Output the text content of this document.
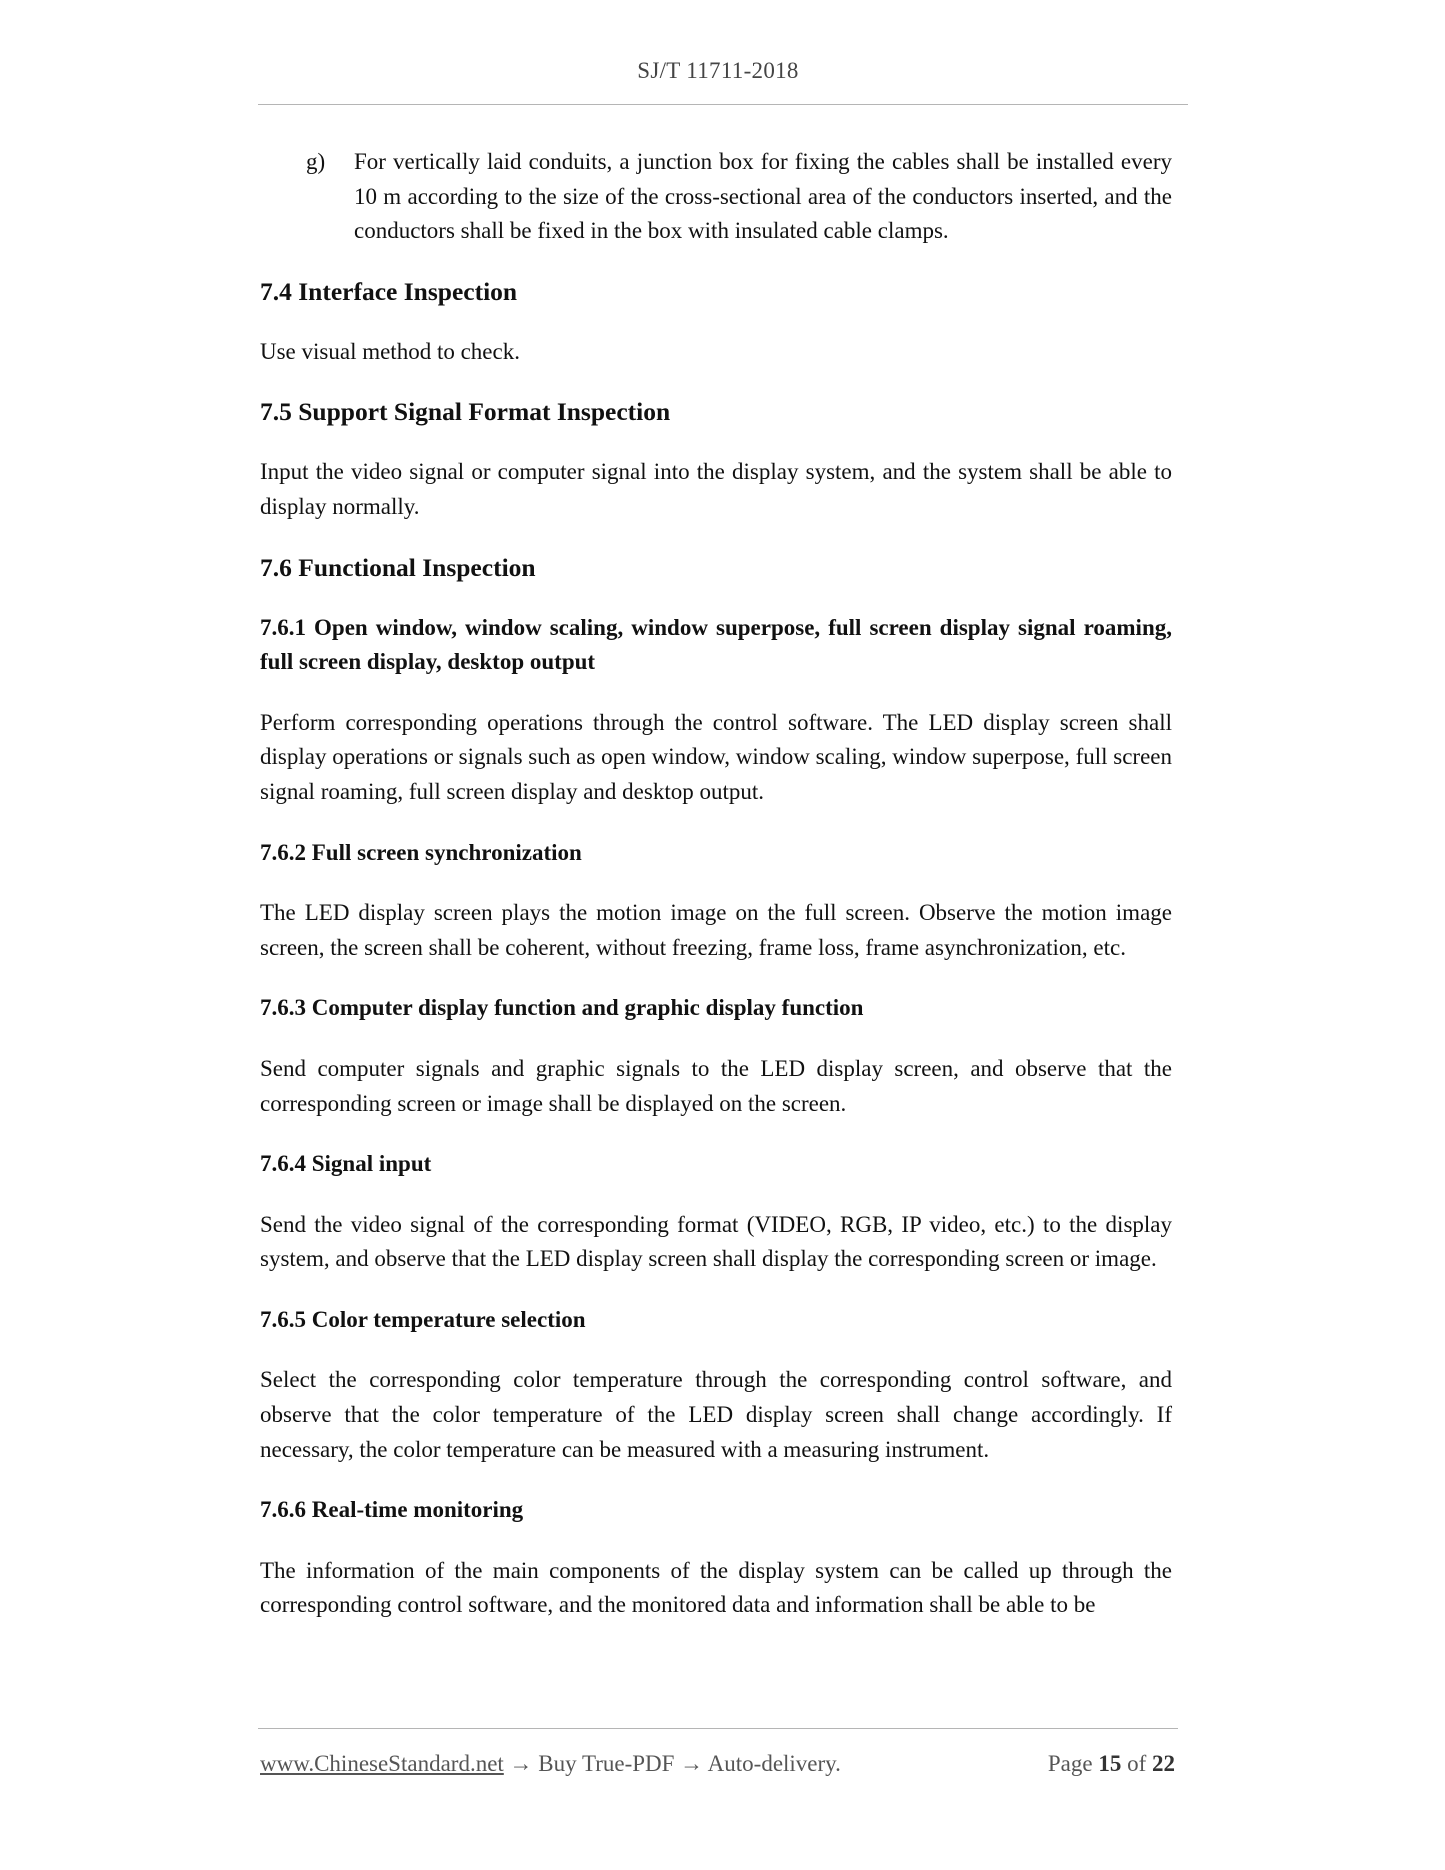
SJ/T 11711-2018
g)	For vertically laid conduits, a junction box for fixing the cables shall be installed every 10 m according to the size of the cross-sectional area of the conductors inserted, and the conductors shall be fixed in the box with insulated cable clamps.
7.4 Interface Inspection

Use visual method to check.

7.5 Support Signal Format Inspection

Input the video signal or computer signal into the display system, and the system shall be able to display normally.

7.6 Functional Inspection
7.6.1 Open window, window scaling, window superpose, full screen display signal roaming, full screen display, desktop output

Perform corresponding operations through the control software. The LED display screen shall display operations or signals such as open window, window scaling, window superpose, full screen signal roaming, full screen display and desktop output.

7.6.2 Full screen synchronization

The LED display screen plays the motion image on the full screen. Observe the motion image screen, the screen shall be coherent, without freezing, frame loss, frame asynchronization, etc.

7.6.3 Computer display function and graphic display function

Send computer signals and graphic signals to the LED display screen, and observe that the corresponding screen or image shall be displayed on the screen.

7.6.4 Signal input

Send the video signal of the corresponding format (VIDEO, RGB, IP video, etc.) to the display system, and observe that the LED display screen shall display the corresponding screen or image.

7.6.5 Color temperature selection

Select the corresponding color temperature through the corresponding control software, and observe that the color temperature of the LED display screen shall change accordingly. If necessary, the color temperature can be measured with a measuring instrument.

7.6.6 Real-time monitoring

The information of the main components of the display system can be called up through the corresponding control software, and the monitored data and information shall be able to be

www.ChineseStandard.net → Buy True-PDF → Auto-delivery.	Page 15 of 22
